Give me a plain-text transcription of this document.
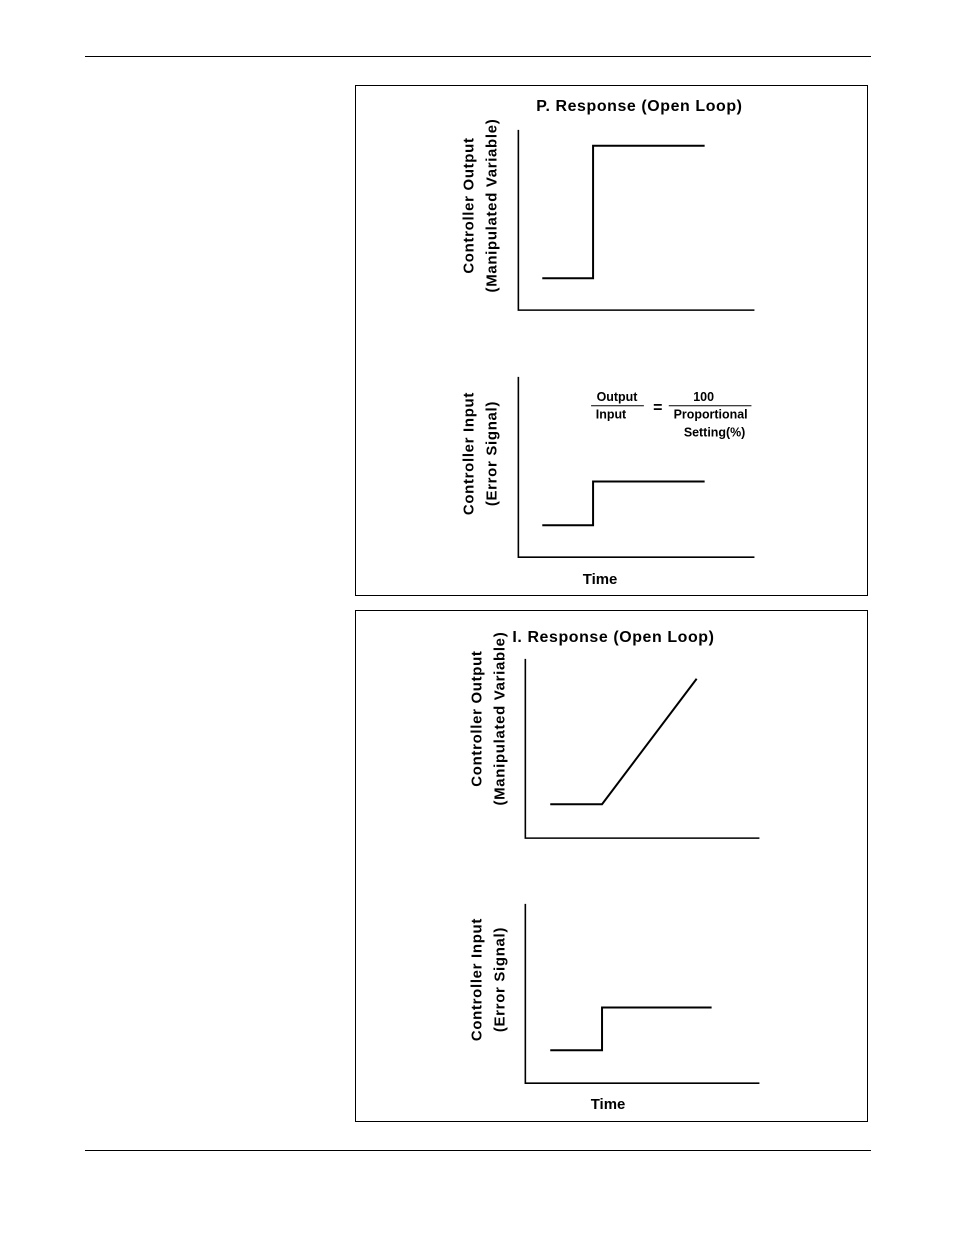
P. Response (Open Loop)
Controller Output (Manipulated Variable)
Controller Input (Error Signal)
Output
Input =
100
Proportional
Setting(%)
Time
I. Response (Open Loop)
Controller Output (Manipulated Variable)
Controller Input (Error Signal)
Time
